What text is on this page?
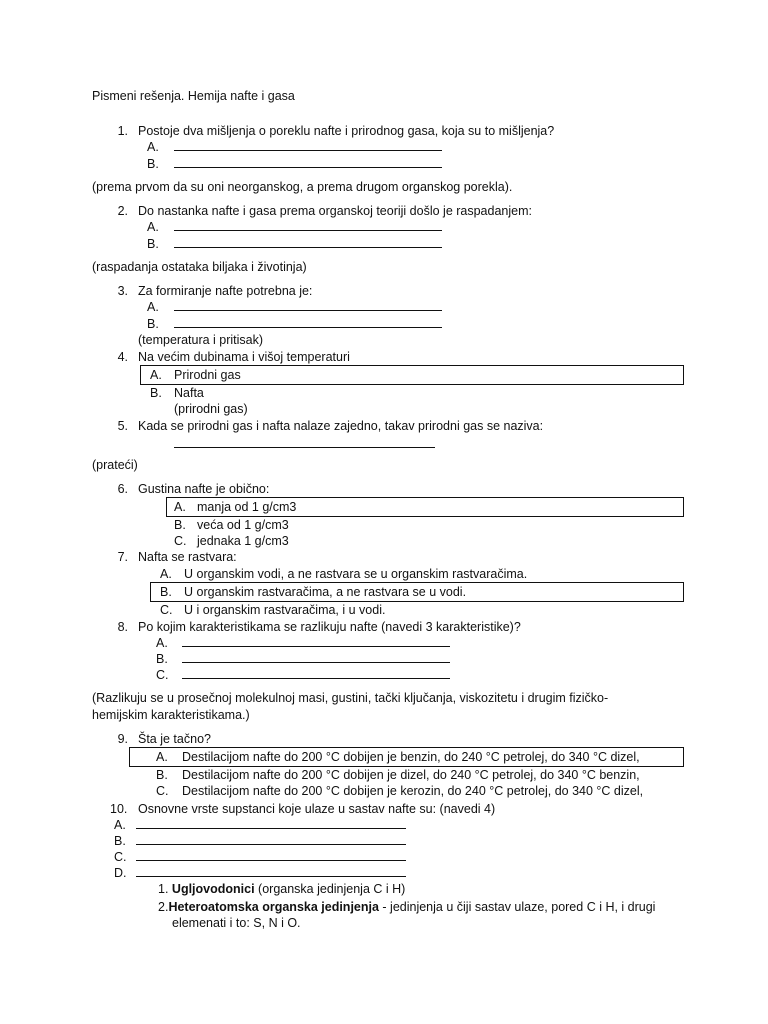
Pismeni rešenja. Hemija nafte i gasa
1. Postoje dva mišljenja o poreklu nafte i prirodnog gasa, koja su to mišljenja?
A.
B.
(prema prvom da su oni neorganskog, a prema drugom organskog porekla).
2. Do nastanka nafte i gasa prema organskoj teoriji došlo je raspadanjem:
A.
B.
(raspadanja ostataka biljaka i životinja)
3. Za formiranje nafte potrebna je:
A.
B.
(temperatura i pritisak)
4. Na većim dubinama i višoj temperaturi
A. Prirodni gas
B. Nafta
(prirodni gas)
5. Kada se prirodni gas i nafta nalaze zajedno, takav prirodni gas se naziva:
(prateći)
6. Gustina nafte je obično:
A. manja od 1 g/cm3
B. veća od 1 g/cm3
C. jednaka 1 g/cm3
7. Nafta se rastvara:
A. U organskim vodi, a ne rastvara se u organskim rastvaračima.
B. U organskim rastvaračima, a ne rastvara se u vodi.
C. U i organskim rastvaračima, i u vodi.
8. Po kojim karakteristikama se razlikuju nafte (navedi 3 karakteristike)?
A.
B.
C.
(Razlikuju se u prosečnoj molekulnoj masi, gustini, tački ključanja, viskozitetu i drugim fizičko-
hemijskim karakteristikama.)
9. Šta je tačno?
A. Destilacijom nafte do 200 °C dobijen je benzin, do 240 °C petrolej, do 340 °C dizel,
B. Destilacijom nafte do 200 °C dobijen je dizel, do 240 °C petrolej, do 340 °C benzin,
C. Destilacijom nafte do 200 °C dobijen je kerozin, do 240 °C petrolej, do 340 °C dizel,
10. Osnovne vrste supstanci koje ulaze u sastav nafte su: (navedi 4)
A.
B.
C.
D.
1. Ugljovodonici (organska jedinjenja C i H)
2.Heteroatomska organska jedinjenja - jedinjenja u čiji sastav ulaze, pored C i H, i drugi
elemenati i to: S, N i O.
